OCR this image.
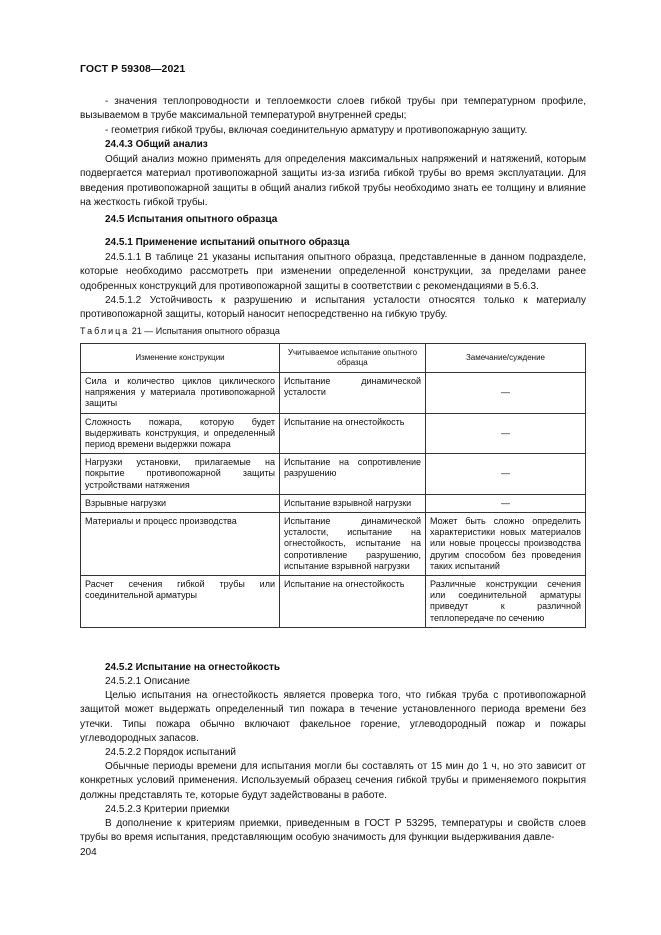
ГОСТ Р 59308—2021

- значения теплопроводности и теплоемкости слоев гибкой трубы при температурном профиле, вызываемом в трубе максимальной температурой внутренней среды;

- геометрия гибкой трубы, включая соединительную арматуру и противопожарную защиту.

24.4.3 Общий анализ

Общий анализ можно применять для определения максимальных напряжений и натяжений, которым подвергается материал противопожарной защиты из-за изгиба гибкой трубы во время эксплуатации. Для введения противопожарной защиты в общий анализ гибкой трубы необходимо знать ее толщину и влияние на жесткость гибкой трубы.

24.5 Испытания опытного образца
24.5.1 Применение испытаний опытного образца

24.5.1.1 В таблице 21 указаны испытания опытного образца, представленные в данном подразделе, которые необходимо рассмотреть при изменении определенной конструкции, за пределами ранее одобренных конструкций для противопожарной защиты в соответствии с рекомендациями в 5.6.3.

24.5.1.2 Устойчивость к разрушению и испытания усталости относятся только к материалу противопожарной защиты, который наносит непосредственно на гибкую трубу.

Таблица 21 — Испытания опытного образца
Изменение конструкции	Учитываемое испытание опытного образца	Замечание/суждение
Сила и количество циклов циклического напряжения у материала противопожарной защиты	Испытание динамической усталости	—
Сложность пожара, которую будет выдерживать конструкция, и определенный период времени выдержки пожара	Испытание на огнестойкость	—
Нагрузки установки, прилагаемые на покрытие противопожарной защиты устройствами натяжения	Испытание на сопротивление разрушению	—
Взрывные нагрузки	Испытание взрывной нагрузки	—
Материалы и процесс производства	Испытание динамической усталости, испытание на огнестойкость, испытание на сопротивление разрушению, испытание взрывной нагрузки	Может быть сложно определить характеристики новых материалов или новые процессы производства другим способом без проведения таких испытаний
Расчет сечения гибкой трубы или соединительной арматуры	Испытание на огнестойкость	Различные конструкции сечения или соединительной арматуры приведут к различной теплопередаче по сечению
24.5.2 Испытание на огнестойкость
24.5.2.1 Описание

Целью испытания на огнестойкость является проверка того, что гибкая труба с противопожарной защитой может выдержать определенный тип пожара в течение установленного периода времени без утечки. Типы пожара обычно включают факельное горение, углеводородный пожар и пожары углеводородных запасов.

24.5.2.2 Порядок испытаний

Обычные периоды времени для испытания могли бы составлять от 15 мин до 1 ч, но это зависит от конкретных условий применения. Используемый образец сечения гибкой трубы и применяемого покрытия должны представлять те, которые будут задействованы в работе.

24.5.2.3 Критерии приемки

В дополнение к критериям приемки, приведенным в ГОСТ Р 53295, температуры и свойств слоев трубы во время испытания, представляющим особую значимость для функции выдерживания давле-

204
